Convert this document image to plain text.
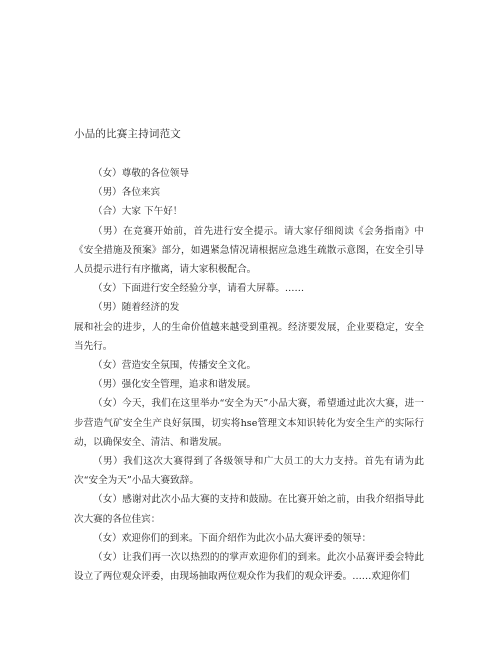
小品的比赛主持词范文

（女）尊敬的各位领导

（男）各位来宾

（合）大家 下午好！

（男）在竞赛开始前，首先进行安全提示。请大家仔细阅读《会务指南》中《安全措施及预案》部分，如遇紧急情况请根据应急逃生疏散示意图，在安全引导人员提示进行有序撤离，请大家积极配合。

（女）下面进行安全经验分享，请看大屏幕。……

（男）随着经济的发

展和社会的进步，人的生命价值越来越受到重视。经济要发展，企业要稳定，安全当先行。

（女）营造安全氛围，传播安全文化。

（男）强化安全管理，追求和谐发展。

（女）今天，我们在这里举办“安全为天”小品大赛，希望通过此次大赛，进一步营造气矿安全生产良好氛围，切实将hse管理文本知识转化为安全生产的实际行动，以确保安全、清洁、和谐发展。

（男）我们这次大赛得到了各级领导和广大员工的大力支持。首先有请为此次“安全为天”小品大赛致辞。

（女）感谢对此次小品大赛的支持和鼓励。在比赛开始之前，由我介绍指导此次大赛的各位佳宾：

（女）欢迎你们的到来。下面介绍作为此次小品大赛评委的领导：

（女）让我们再一次以热烈的的掌声欢迎你们的到来。此次小品赛评委会特此设立了两位观众评委，由现场抽取两位观众作为我们的观众评委。……欢迎你们
